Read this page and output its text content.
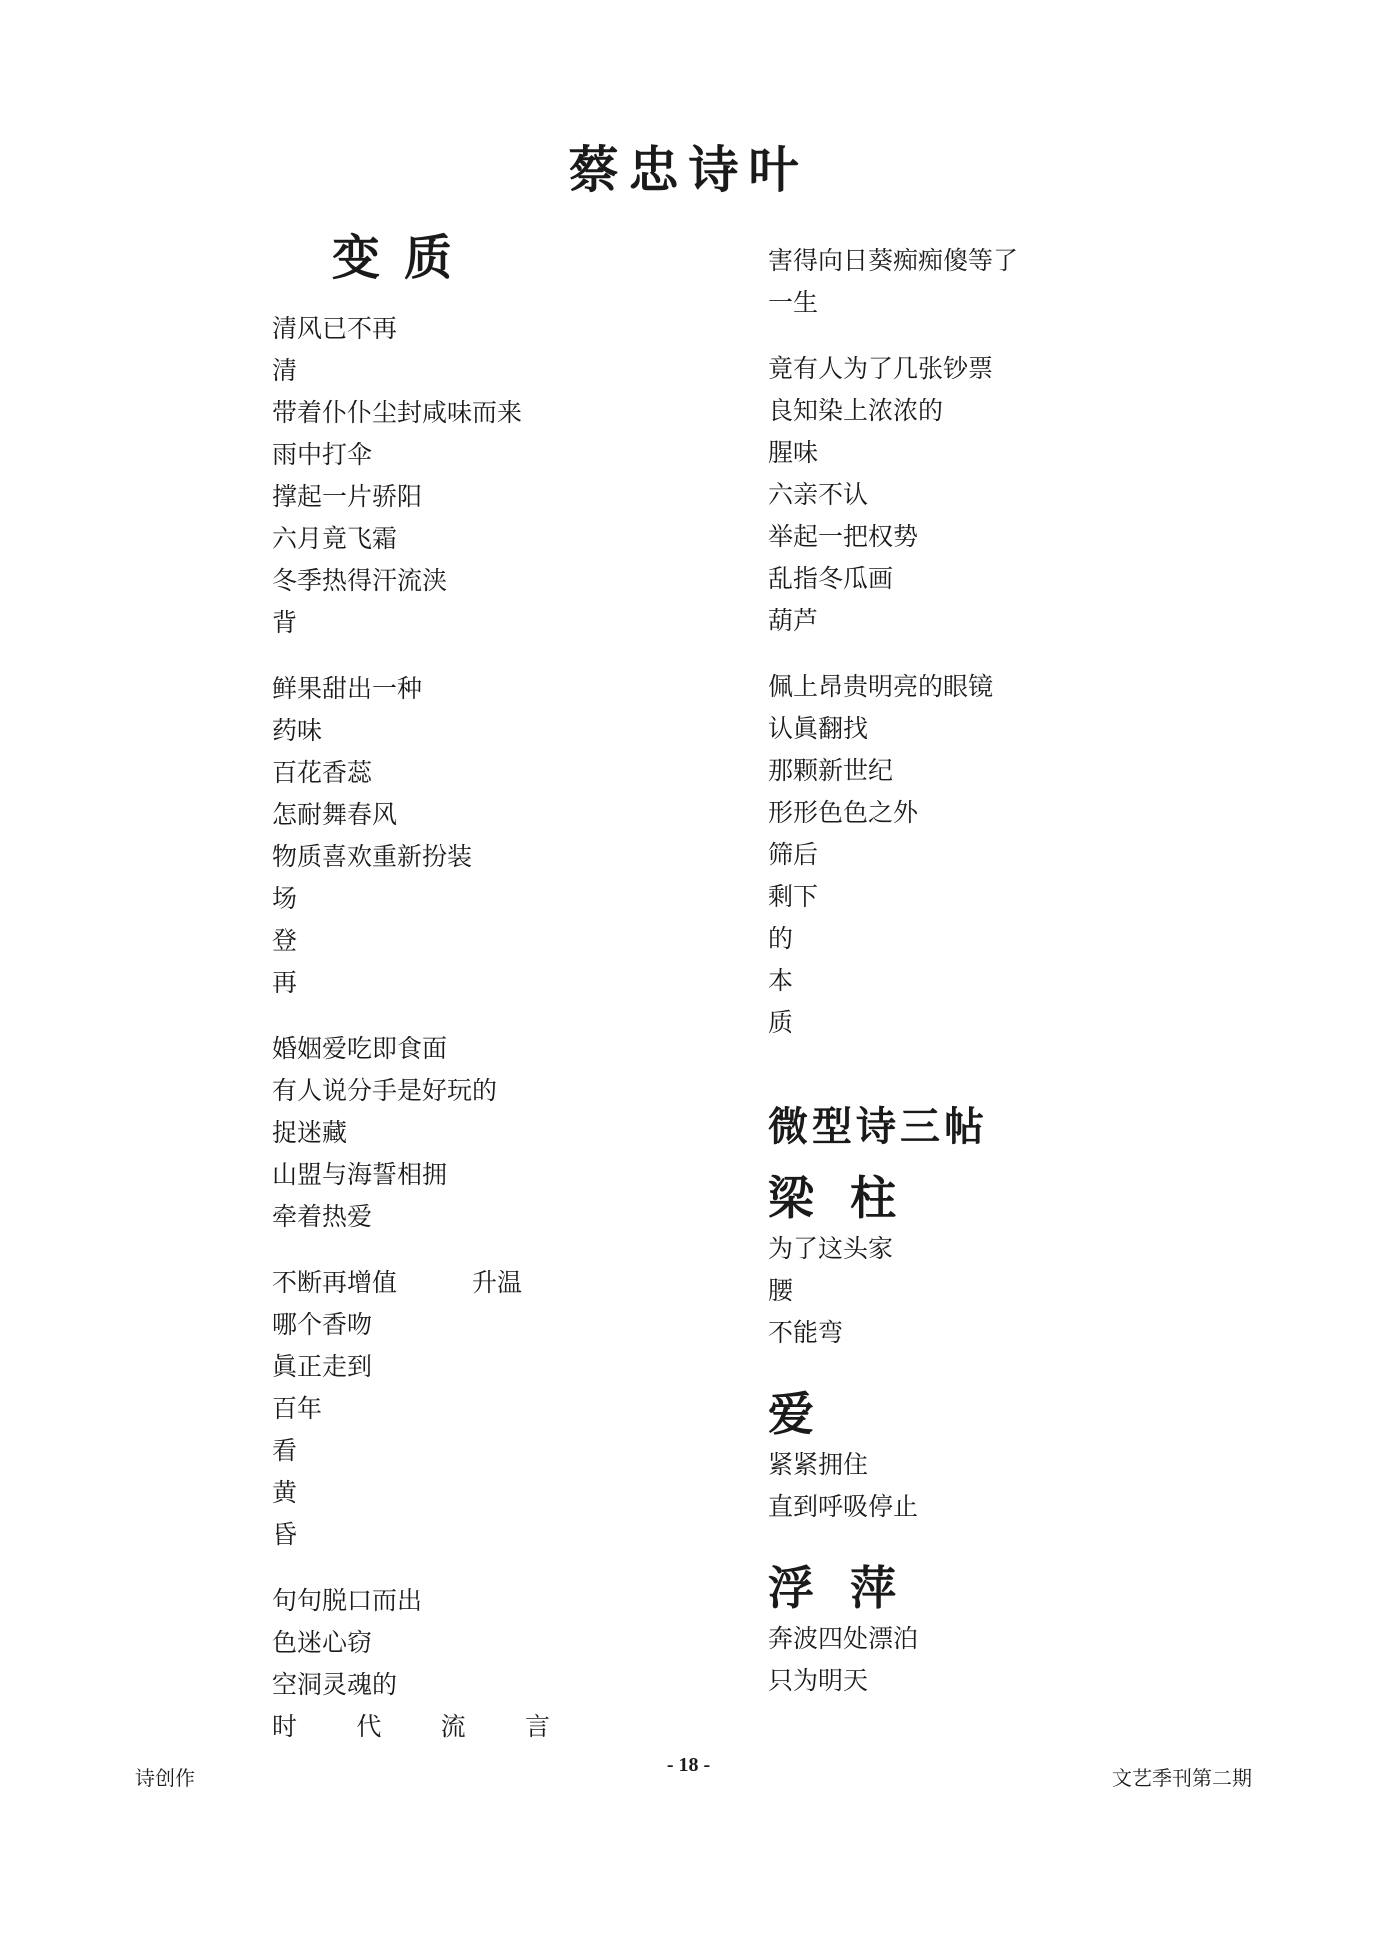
蔡忠诗叶
变质
清风已不再
清
带着仆仆尘封咸味而来
雨中打伞
撑起一片骄阳
六月竟飞霜
冬季热得汗流浃
背
鲜果甜出一种
药味
百花香蕊
怎耐舞春风
物质喜欢重新扮装
场
登
再
婚姻爱吃即食面
有人说分手是好玩的
捉迷藏
山盟与海誓相拥
牵着热爱
不断再增值　　　升温
哪个香吻
眞正走到
百年
看
黄
昏
句句脱口而出
色迷心窃
空洞灵魂的
时 代 流 言
害得向日葵痴痴傻等了
一生
竟有人为了几张钞票
良知染上浓浓的
腥味
六亲不认
举起一把权势
乱指冬瓜画
葫芦
佩上昂贵明亮的眼镜
认眞翻找
那颗新世纪
形形色色之外
筛后
剩下
的
本
质
微型诗三帖
梁柱
为了这头家
腰
不能弯
爱
紧紧拥住
直到呼吸停止
浮萍
奔波四处漂泊
只为明天
诗创作
- 18 -
文艺季刊第二期
